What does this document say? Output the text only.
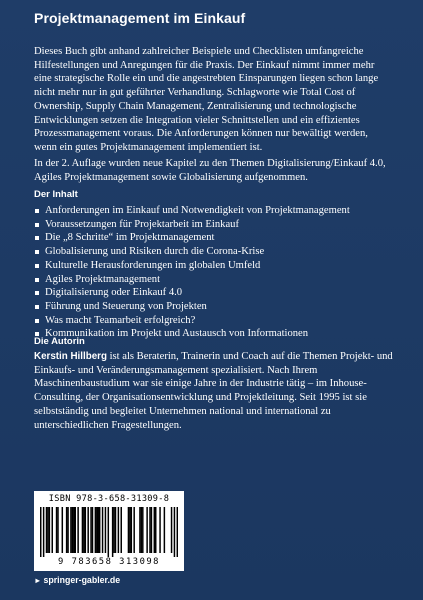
Projektmanagement im Einkauf
Dieses Buch gibt anhand zahlreicher Beispiele und Checklisten umfangreiche Hilfestellungen und Anregungen für die Praxis. Der Einkauf nimmt immer mehr eine strategische Rolle ein und die angestrebten Einsparungen liegen schon lange nicht mehr nur in gut geführter Verhandlung. Schlagworte wie Total Cost of Ownership, Supply Chain Management, Zentralisierung und technologische Entwicklungen setzen die Integration vieler Schnittstellen und ein effizientes Prozessmanagement voraus. Die Anforderungen können nur bewältigt werden, wenn ein gutes Projektmanagement implementiert ist.
In der 2. Auflage wurden neue Kapitel zu den Themen Digitalisierung/Einkauf 4.0, Agiles Projektmanagement sowie Globalisierung aufgenommen.
Der Inhalt
Anforderungen im Einkauf und Notwendigkeit von Projektmanagement
Voraussetzungen für Projektarbeit im Einkauf
Die „8 Schritte“ im Projektmanagement
Globalisierung und Risiken durch die Corona-Krise
Kulturelle Herausforderungen im globalen Umfeld
Agiles Projektmanagement
Digitalisierung oder Einkauf 4.0
Führung und Steuerung von Projekten
Was macht Teamarbeit erfolgreich?
Kommunikation im Projekt und Austausch von Informationen
Die Autorin
Kerstin Hillberg ist als Beraterin, Trainerin und Coach auf die Themen Projekt- und Einkaufs- und Veränderungsmanagement spezialisiert. Nach Ihrem Maschinenbaustudium war sie einige Jahre in der Industrie tätig – im Inhouse-Consulting, der Organisationsentwicklung und Projektleitung. Seit 1995 ist sie selbstständig und begleitet Unternehmen national und international zu unterschiedlichen Fragestellungen.
ISBN 978-3-658-31309-8
9 783658 313098
► springer-gabler.de
